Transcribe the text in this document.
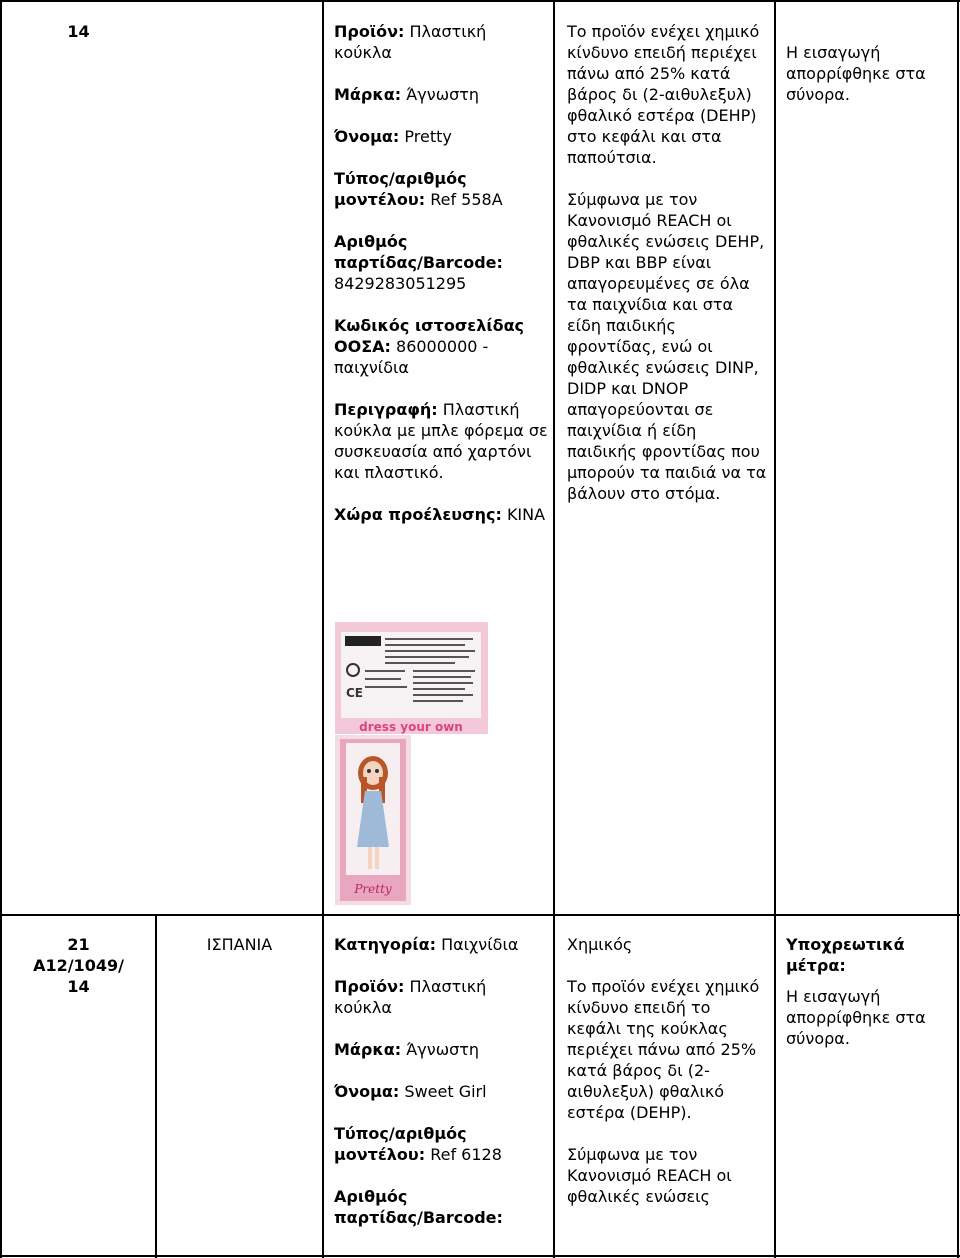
14	Προϊόν: Πλαστική κούκλα

Μάρκα: Άγνωστη

Όνομα: Pretty

Τύπος/αριθμός μοντέλου: Ref 558A

Αριθμός παρτίδας/Barcode: 8429283051295

Κωδικός ιστοσελίδας ΟΟΣΑ: 86000000 - παιχνίδια

Περιγραφή: Πλαστική κούκλα με μπλε φόρεμα σε συσκευασία από χαρτόνι και πλαστικό.

Χώρα προέλευσης: ΚΙΝΑ

Το προϊόν ενέχει χημικό κίνδυνο επειδή περιέχει πάνω από 25% κατά βάρος δι (2-αιθυλεξυλ) φθαλικό εστέρα (DEHP) στο κεφάλι και στα παπούτσια.

Σύμφωνα με τον Κανονισμό REACH οι φθαλικές ενώσεις DEHP, DBP και BBP είναι απαγορευμένες σε όλα τα παιχνίδια και στα είδη παιδικής φροντίδας, ενώ οι φθαλικές ενώσεις DINP, DIDP και DNOP απαγορεύονται σε παιχνίδια ή είδη παιδικής φροντίδας που μπορούν τα παιδιά να τα βάλουν στο στόμα.

Η εισαγωγή απορρίφθηκε στα σύνορα.

CE
dress your own
Pretty
21
A12/1049/
14
ΙΣΠΑΝΙΑ	Κατηγορία: Παιχνίδια

Προϊόν: Πλαστική κούκλα

Μάρκα: Άγνωστη

Όνομα: Sweet Girl

Τύπος/αριθμός μοντέλου: Ref 6128

Αριθμός παρτίδας/Barcode:

Χημικός

Το προϊόν ενέχει χημικό κίνδυνο επειδή το κεφάλι της κούκλας περιέχει πάνω από 25% κατά βάρος δι (2-αιθυλεξυλ) φθαλικό εστέρα (DEHP).

Σύμφωνα με τον Κανονισμό REACH οι φθαλικές ενώσεις

Υποχρεωτικά μέτρα:

Η εισαγωγή απορρίφθηκε στα σύνορα.
